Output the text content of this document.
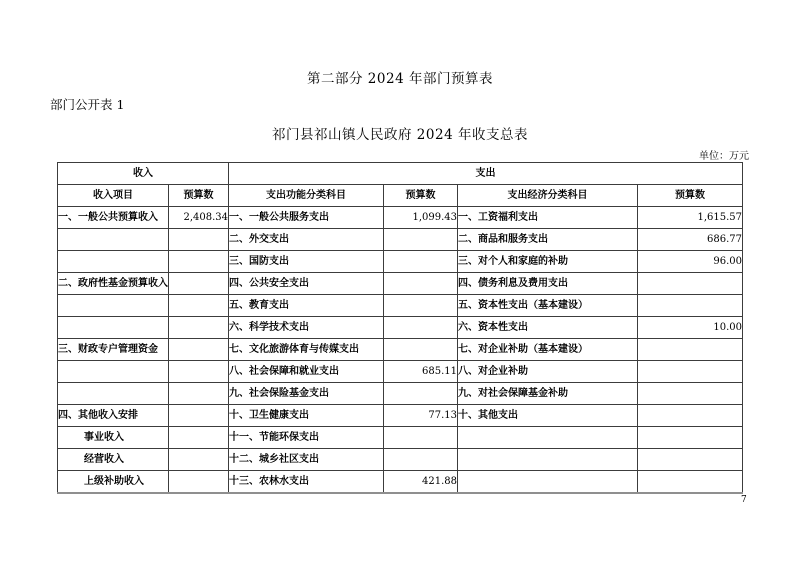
第二部分 2024 年部门预算表
部门公开表 1
祁门县祁山镇人民政府 2024 年收支总表
单位：万元
收入		支出			
收入项目	预算数	支出功能分类科目	预算数	支出经济分类科目	预算数
一、一般公共预算收入	2,408.34	一、一般公共服务支出	1,099.43	一、工资福利支出	1,615.57
		二、外交支出		二、商品和服务支出	686.77
		三、国防支出		三、对个人和家庭的补助	96.00
二、政府性基金预算收入		四、公共安全支出		四、债务利息及费用支出	
		五、教育支出		五、资本性支出（基本建设）	
		六、科学技术支出		六、资本性支出	10.00
三、财政专户管理资金		七、文化旅游体育与传媒支出		七、对企业补助（基本建设）	
		八、社会保障和就业支出	685.11	八、对企业补助	
		九、社会保险基金支出		九、对社会保障基金补助	
四、其他收入安排		十、卫生健康支出	77.13	十、其他支出	
事业收入		十一、节能环保支出			
经营收入		十二、城乡社区支出			
上级补助收入		十三、农林水支出	421.88		
7
